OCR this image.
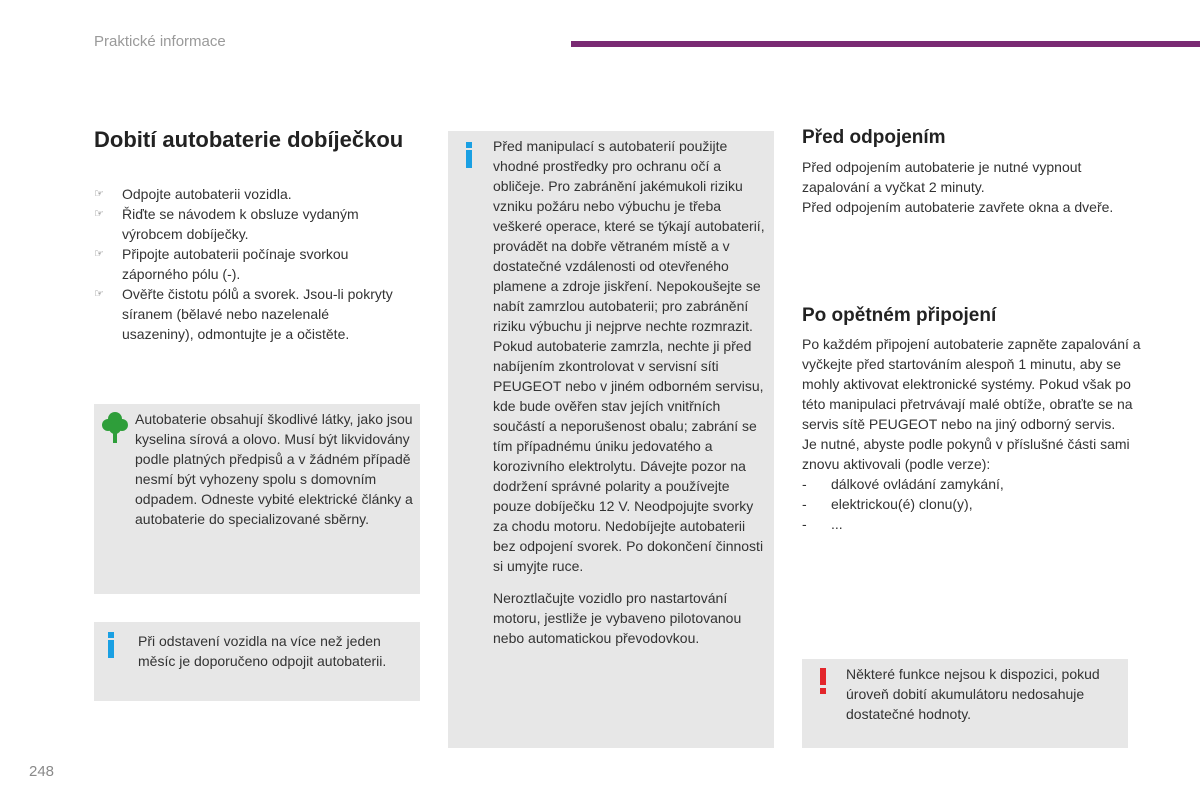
Praktické informace
Dobití autobaterie dobíječkou
☞ Odpojte autobaterii vozidla.
☞ Řiďte se návodem k obsluze vydaným výrobcem dobíječky.
☞ Připojte autobaterii počínaje svorkou záporného pólu (-).
☞ Ověřte čistotu pólů a svorek. Jsou-li pokryty síranem (bělavé nebo nazelenalé usazeniny), odmontujte je a očistěte.
Autobaterie obsahují škodlivé látky, jako jsou kyselina sírová a olovo. Musí být likvidovány podle platných předpisů a v žádném případě nesmí být vyhozeny spolu s domovním odpadem. Odneste vybité elektrické články a autobaterie do specializované sběrny.
Při odstavení vozidla na více než jeden měsíc je doporučeno odpojit autobaterii.

Před manipulací s autobaterií použijte vhodné prostředky pro ochranu očí a obličeje. Pro zabránění jakémukoli riziku vzniku požáru nebo výbuchu je třeba veškeré operace, které se týkají autobaterií, provádět na dobře větraném místě a v dostatečné vzdálenosti od otevřeného plamene a zdroje jiskření. Nepokoušejte se nabít zamrzlou autobaterii; pro zabránění riziku výbuchu ji nejprve nechte rozmrazit. Pokud autobaterie zamrzla, nechte ji před nabíjením zkontrolovat v servisní síti PEUGEOT nebo v jiném odborném servisu, kde bude ověřen stav jejích vnitřních součástí a neporušenost obalu; zabrání se tím případnému úniku jedovatého a korozivního elektrolytu. Dávejte pozor na dodržení správné polarity a používejte pouze dobíječku 12 V. Neodpojujte svorky za chodu motoru. Nedobíjejte autobaterii bez odpojení svorek. Po dokončení činnosti si umyjte ruce.

Neroztlačujte vozidlo pro nastartování motoru, jestliže je vybaveno pilotovanou nebo automatickou převodovkou.

Před odpojením

Před odpojením autobaterie je nutné vypnout zapalování a vyčkat 2 minuty.

Před odpojením autobaterie zavřete okna a dveře.

Po opětném připojení

Po každém připojení autobaterie zapněte zapalování a vyčkejte před startováním alespoň 1 minutu, aby se mohly aktivovat elektronické systémy. Pokud však po této manipulaci přetrvávají malé obtíže, obraťte se na servis sítě PEUGEOT nebo na jiný odborný servis.

Je nutné, abyste podle pokynů v příslušné části sami znovu aktivovali (podle verze):

- dálkové ovládání zamykání,
- elektrickou(é) clonu(y),
- ...
Některé funkce nejsou k dispozici, pokud úroveň dobití akumulátoru nedosahuje dostatečné hodnoty.
248
